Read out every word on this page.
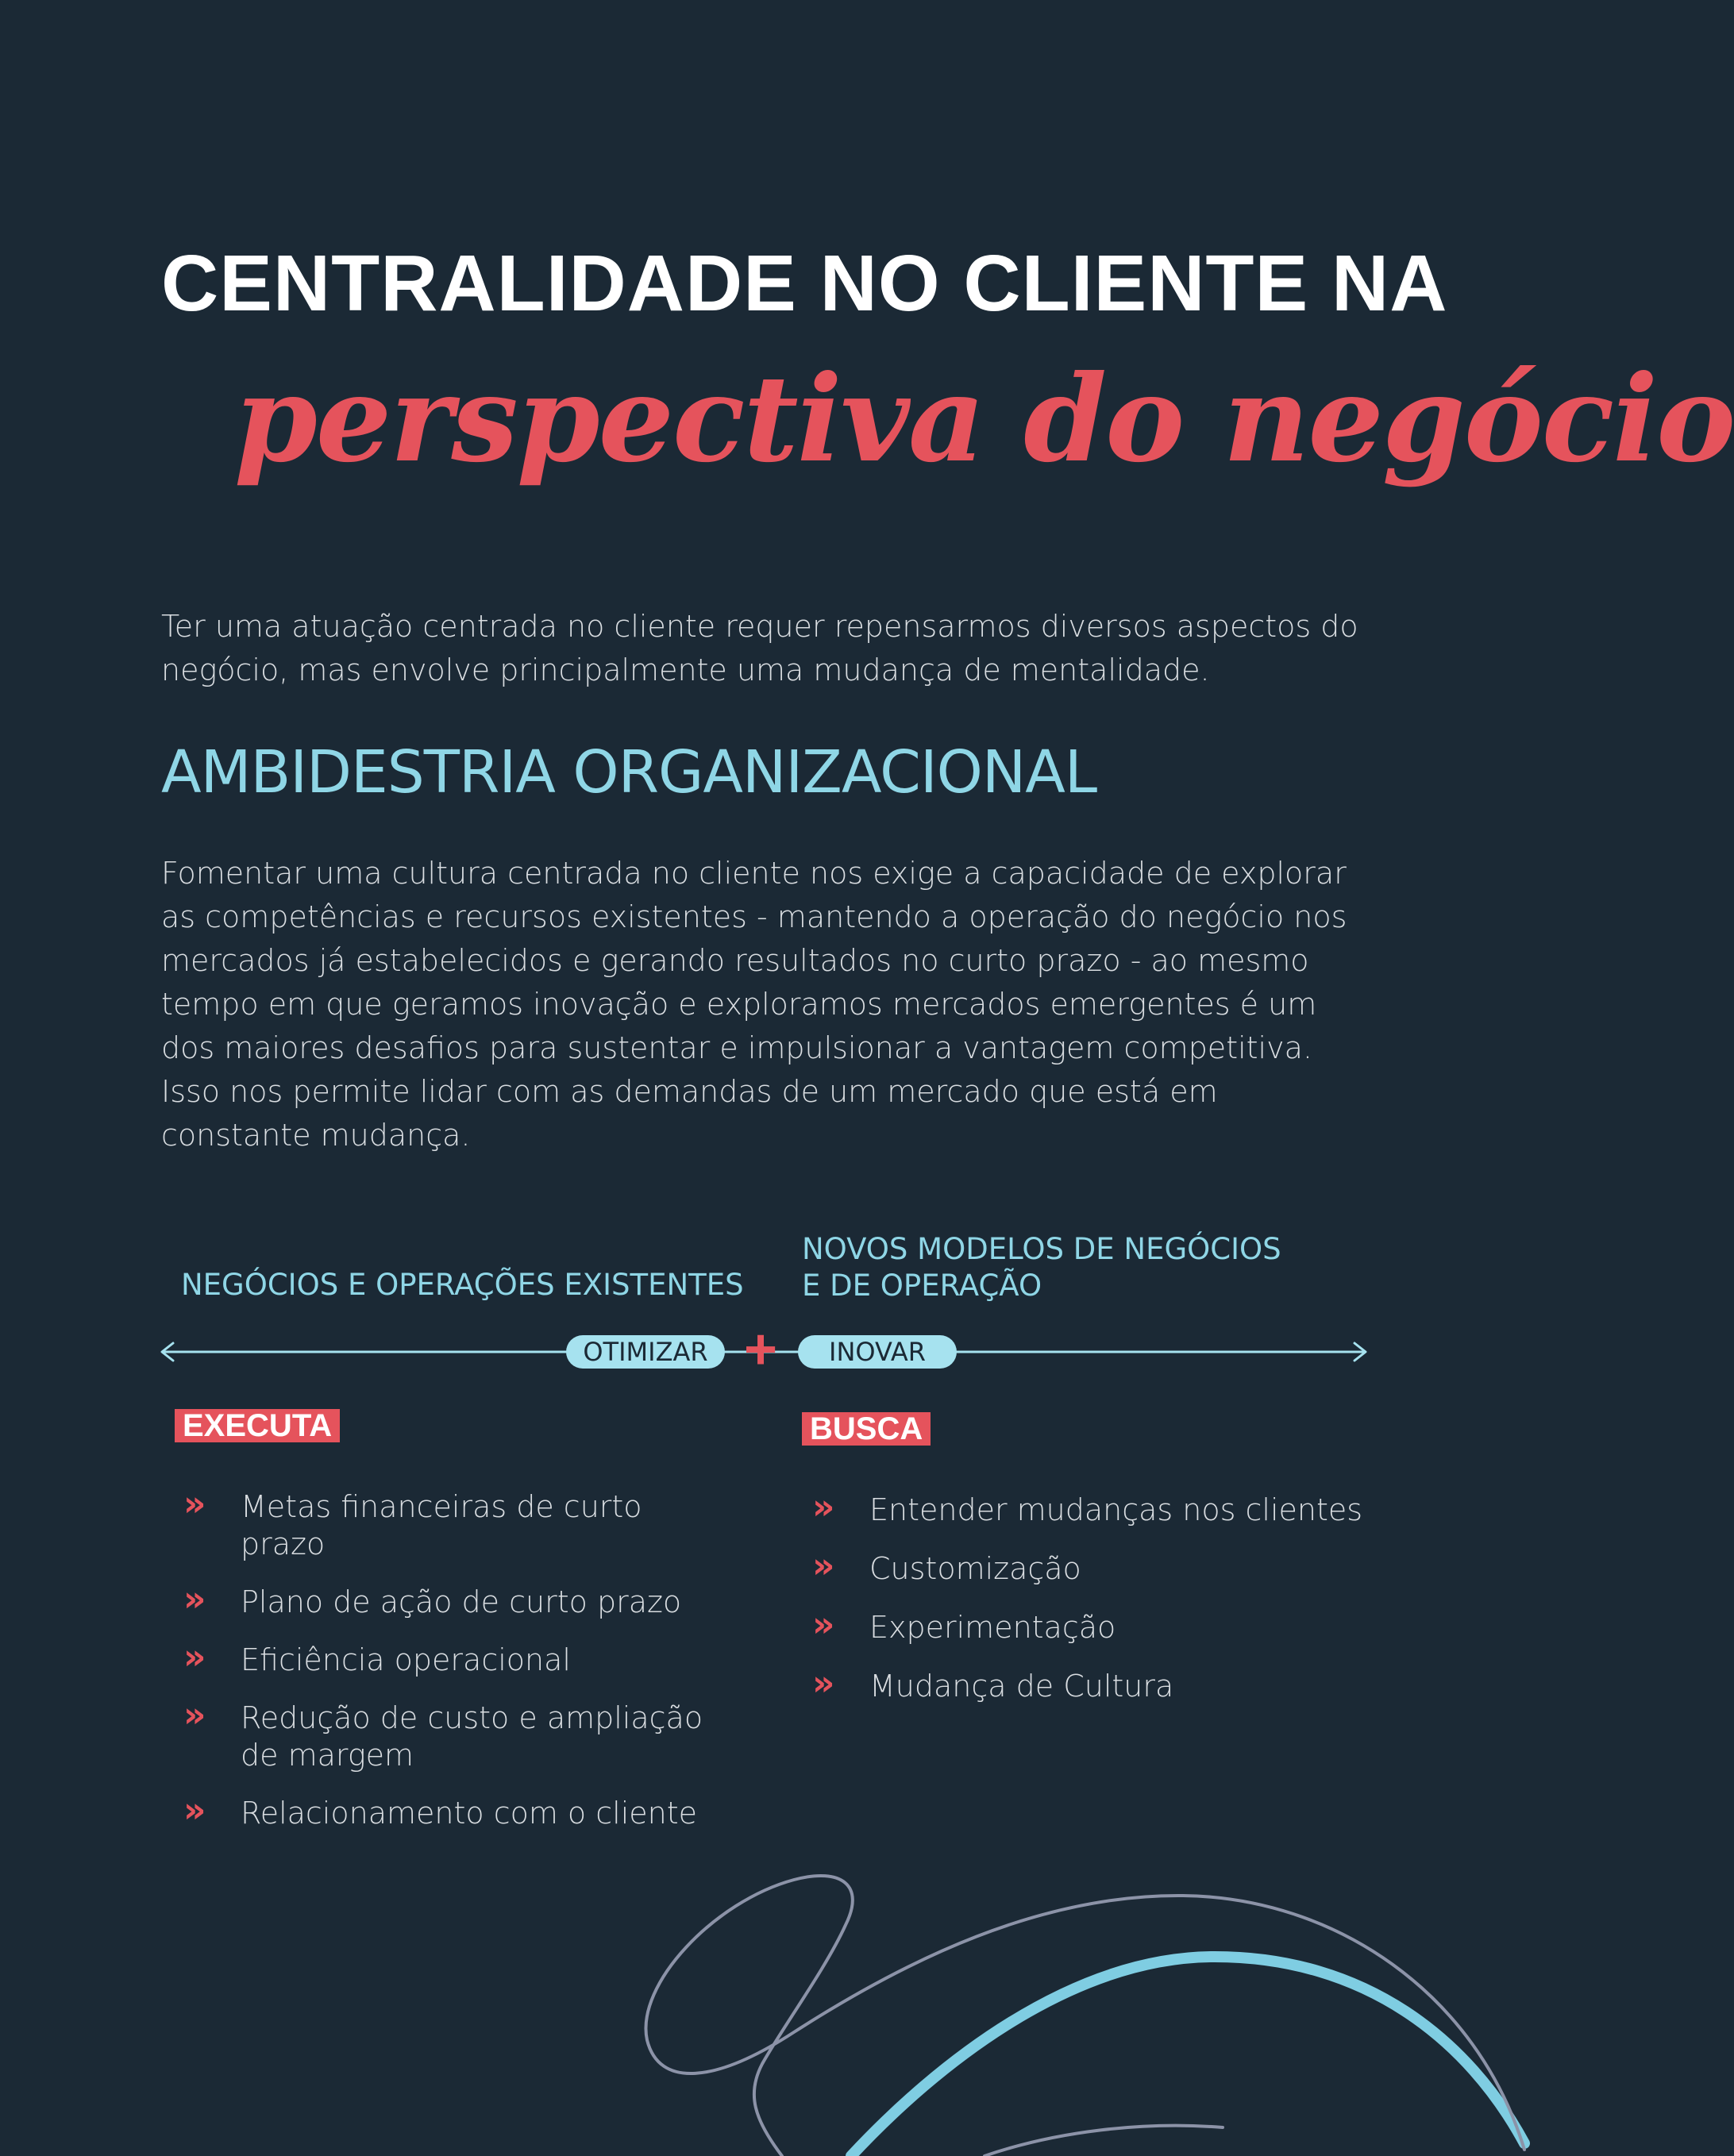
CENTRALIDADE NO CLIENTE NA
perspectiva do negócio

Ter uma atuação centrada no cliente requer repensarmos diversos aspectos do negócio, mas envolve principalmente uma mudança de mentalidade.

AMBIDESTRIA ORGANIZACIONAL

Fomentar uma cultura centrada no cliente nos exige a capacidade de explorar as competências e recursos existentes - mantendo a operação do negócio nos mercados já estabelecidos e gerando resultados no curto prazo - ao mesmo tempo em que geramos inovação e exploramos mercados emergentes é um dos maiores desafios para sustentar e impulsionar a vantagem competitiva. Isso nos permite lidar com as demandas de um mercado que está em constante mudança.

NEGÓCIOS E OPERAÇÕES EXISTENTES
NOVOS MODELOS DE NEGÓCIOS
E DE OPERAÇÃO
+
OTIMIZAR	INOVAR
EXECUTA	BUSCA
» Metas financeiras de curto prazo
» Plano de ação de curto prazo
» Eficiência operacional
» Redução de custo e ampliação de margem
» Relacionamento com o cliente
» Entender mudanças nos clientes
» Customização
» Experimentação
» Mudança de Cultura
